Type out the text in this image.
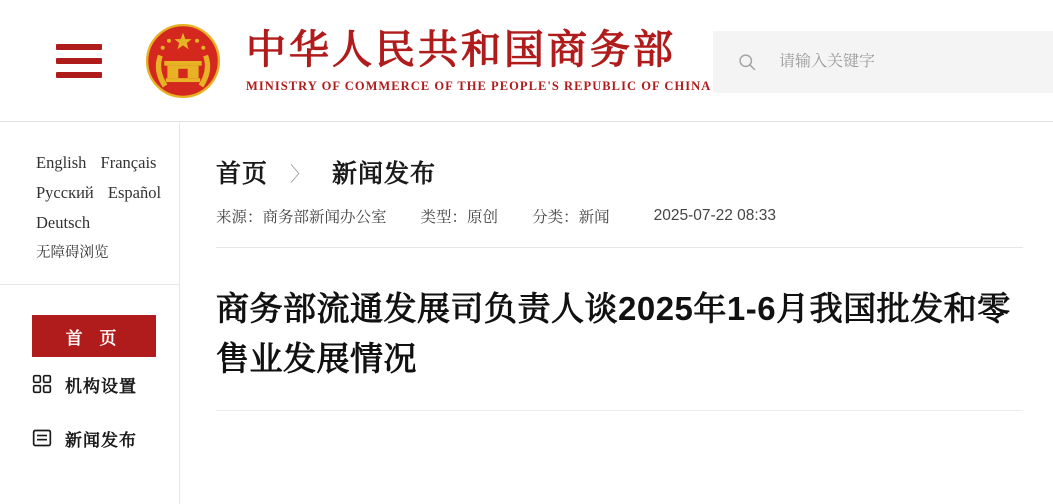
中华人民共和国商务部
MINISTRY OF COMMERCE OF THE PEOPLE'S REPUBLIC OF CHINA
请输入关键字
English Français
Русский Español
Deutsch
无障碍浏览
首 页
机构设置
新闻发布
首页 〉 新闻发布
来源：商务部新闻办公室 类型：原创 分类：新闻	2025-07-22 08:33
商务部流通发展司负责人谈2025年1-6月我国批发和零售业发展情况
